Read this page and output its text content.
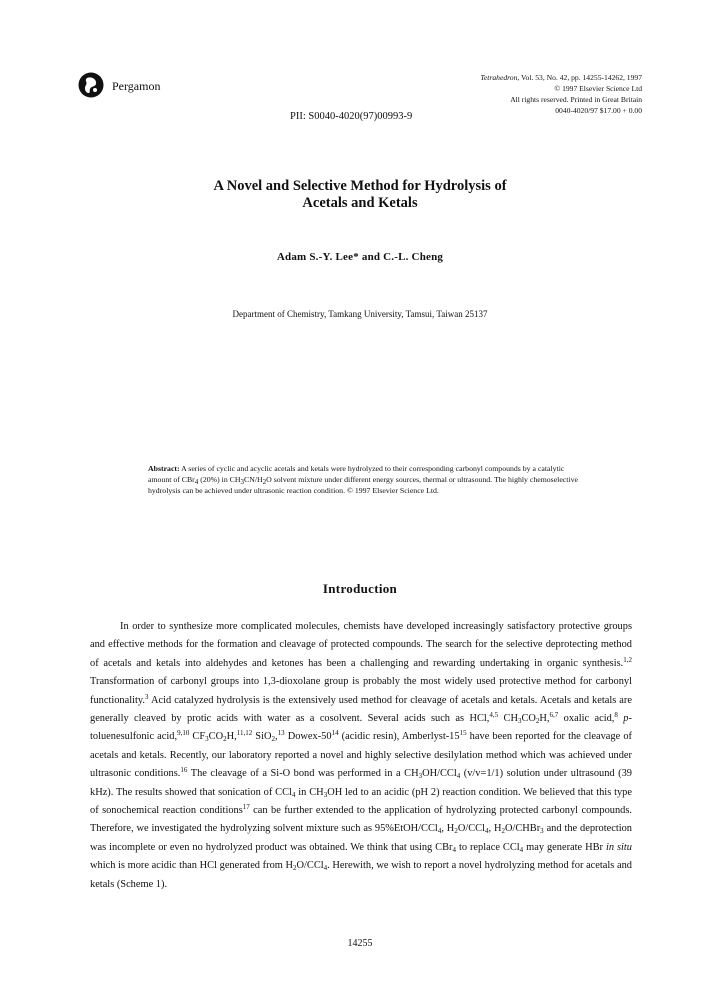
Pergamon
Tetrahedron, Vol. 53, No. 42, pp. 14255-14262, 1997
© 1997 Elsevier Science Ltd
All rights reserved. Printed in Great Britain
0040-4020/97 $17.00 + 0.00
PII: S0040-4020(97)00993-9
A Novel and Selective Method for Hydrolysis of
Acetals and Ketals
Adam S.-Y. Lee* and C.-L. Cheng
Department of Chemistry, Tamkang University, Tamsui, Taiwan 25137
Abstract: A series of cyclic and acyclic acetals and ketals were hydrolyzed to their corresponding carbonyl compounds by a catalytic amount of CBr$_4$ (20%) in $CH_3CN/H_2O$ solvent mixture under different energy sources, thermal or ultrasound. The highly chemoselective hydrolysis can be achieved under ultrasonic reaction condition. © 1997 Elsevier Science Ltd.
Introduction

In order to synthesize more complicated molecules, chemists have developed increasingly satisfactory protective groups and effective methods for the formation and cleavage of protected compounds. The search for the selective deprotecting method of acetals and ketals into aldehydes and ketones has been a challenging and rewarding undertaking in organic synthesis.$^{1,2}$ Transformation of carbonyl groups into 1,3-dioxolane group is probably the most widely used protective method for carbonyl functionality.$^3$ Acid catalyzed hydrolysis is the extensively used method for cleavage of acetals and ketals. Acetals and ketals are generally cleaved by protic acids with water as a cosolvent. Several acids such as HCl,$^{4,5}$ $CH_3CO_2H,^{6,7}$ oxalic acid,$^8$ p-toluenesulfonic acid,$^{9,10}$ $CF_3CO_2H,^{11,12}$ SiO$_2$,$^{13}$ Dowex-$50^{14}$ (acidic resin), Amberlyst-$15^{15}$ have been reported for the cleavage of acetals and ketals. Recently, our laboratory reported a novel and highly selective desilylation method which was achieved under ultrasonic conditions.$^{16}$ The cleavage of a Si-O bond was performed in a $CH_3OH/CCl_4$ (v/v=1/1) solution under ultrasound (39 kHz). The results showed that sonication of CCl$_4$ in $CH_3OH$ led to an acidic (pH 2) reaction condition. We believed that this type of sonochemical reaction conditions$^{17}$ can be further extended to the application of hydrolyzing protected carbonyl compounds. Therefore, we investigated the hydrolyzing solvent mixture such as 95%EtOH/CCl$_4$, $H_2O/CCl_4$, $H_2O/CHBr_3$ and the deprotection was incomplete or even no hydrolyzed product was obtained. We think that using CBr$_4$ to replace CCl$_4$ may generate HBr in situ which is more acidic than HCl generated from $H_2O/CCl_4$. Herewith, we wish to report a novel hydrolyzing method for acetals and ketals (Scheme 1).

14255
